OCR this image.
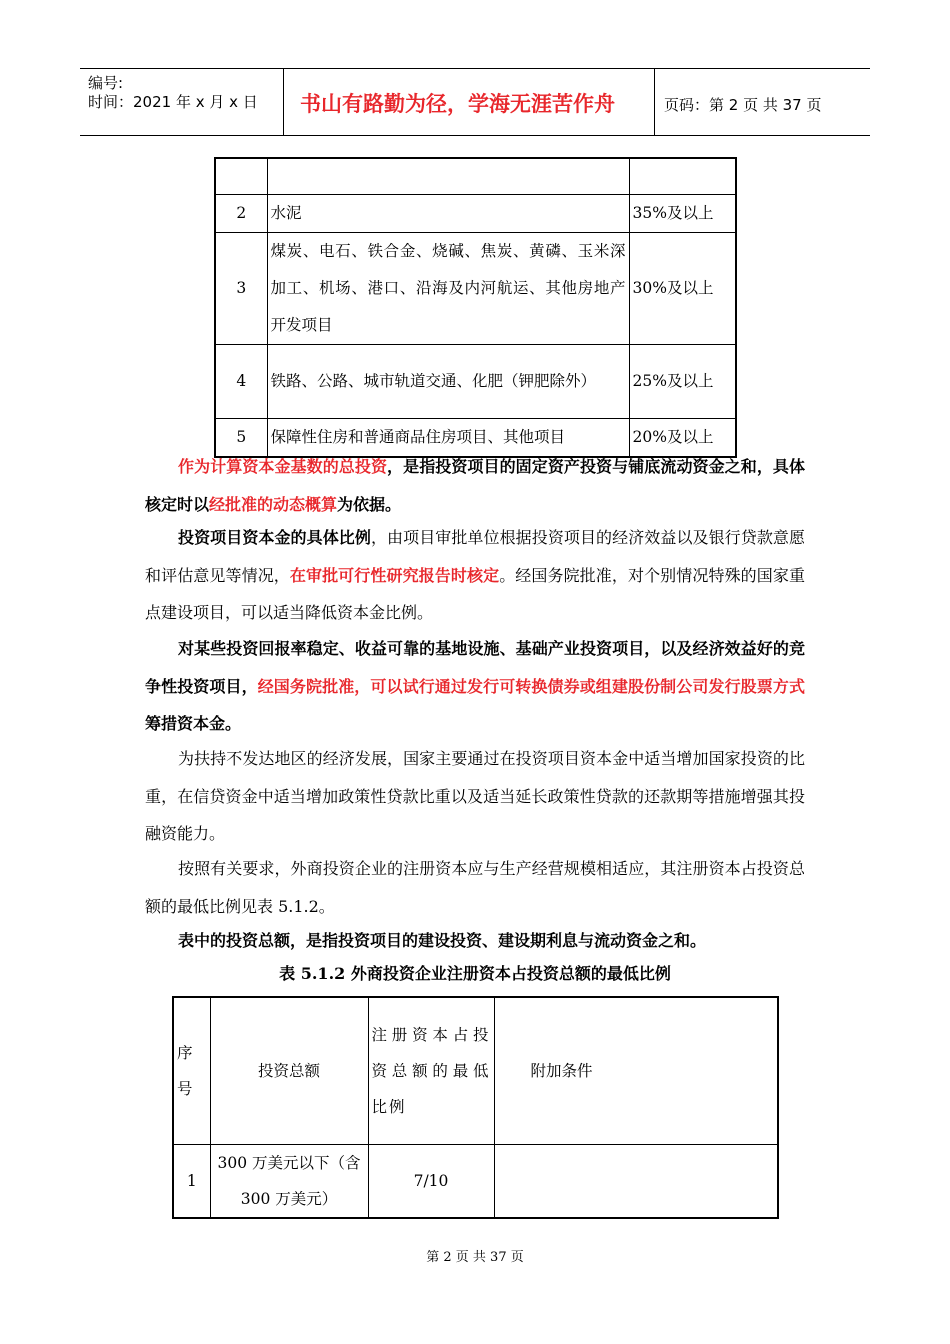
编号:
时间：2021 年 x 月 x 日 书山有路勤为径，学海无涯苦作舟	页码：第 2 页 共 37 页

2	水泥	35%及以上
3	煤炭、电石、铁合金、烧碱、焦炭、黄磷、玉米深加工、机场、港口、沿海及内河航运、其他房地产开发项目	30%及以上
4	铁路、公路、城市轨道交通、化肥（钾肥除外）	25%及以上
5	保障性住房和普通商品住房项目、其他项目	20%及以上
作为计算资本金基数的总投资，是指投资项目的固定资产投资与铺底流动资金之和，具体核定时以经批准的动态概算为依据。
投资项目资本金的具体比例，由项目审批单位根据投资项目的经济效益以及银行贷款意愿和评估意见等情况，在审批可行性研究报告时核定。经国务院批准，对个别情况特殊的国家重点建设项目，可以适当降低资本金比例。
对某些投资回报率稳定、收益可靠的基地设施、基础产业投资项目，以及经济效益好的竞争性投资项目，经国务院批准，可以试行通过发行可转换债券或组建股份制公司发行股票方式筹措资本金。
为扶持不发达地区的经济发展，国家主要通过在投资项目资本金中适当增加国家投资的比重，在信贷资金中适当增加政策性贷款比重以及适当延长政策性贷款的还款期等措施增强其投融资能力。
按照有关要求，外商投资企业的注册资本应与生产经营规模相适应，其注册资本占投资总额的最低比例见表 5.1.2。
表中的投资总额，是指投资项目的建设投资、建设期利息与流动资金之和。
表 5.1.2 外商投资企业注册资本占投资总额的最低比例
序号	投资总额	注册资本占投资总额的最低比例	附加条件
1	300 万美元以下（含 300 万美元）	7/10	
第 2 页 共 37 页
